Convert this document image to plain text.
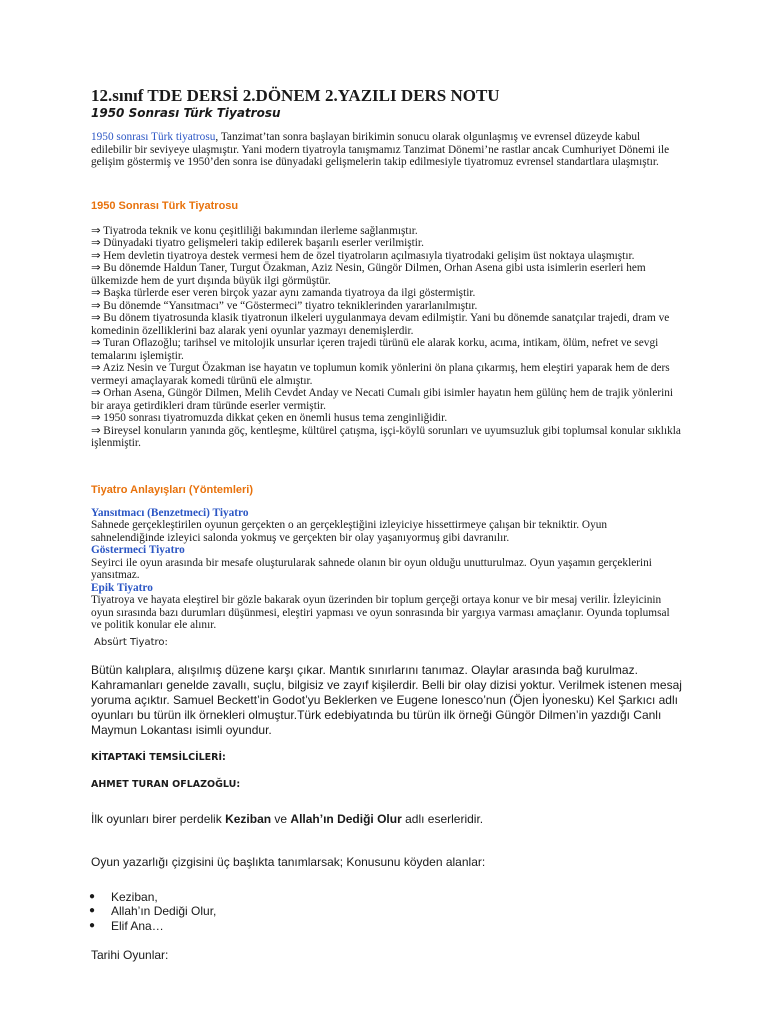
12.sınıf TDE DERSİ 2.DÖNEM 2.YAZILI DERS NOTU

1950 Sonrası Türk Tiyatrosu

1950 sonrası Türk tiyatrosu, Tanzimat’tan sonra başlayan birikimin sonucu olarak olgunlaşmış ve evrensel düzeyde kabul edilebilir bir seviyeye ulaşmıştır. Yani modern tiyatroyla tanışmamız Tanzimat Dönemi’ne rastlar ancak Cumhuriyet Dönemi ile gelişim göstermiş ve 1950’den sonra ise dünyadaki gelişmelerin takip edilmesiyle tiyatromuz evrensel standartlara ulaşmıştır.

1950 Sonrası Türk Tiyatrosu

⇒ Tiyatroda teknik ve konu çeşitliliği bakımından ilerleme sağlanmıştır.
⇒ Dünyadaki tiyatro gelişmeleri takip edilerek başarılı eserler verilmiştir.
⇒ Hem devletin tiyatroya destek vermesi hem de özel tiyatroların açılmasıyla tiyatrodaki gelişim üst noktaya ulaşmıştır.
⇒ Bu dönemde Haldun Taner, Turgut Özakman, Aziz Nesin, Güngör Dilmen, Orhan Asena gibi usta isimlerin eserleri hem ülkemizde hem de yurt dışında büyük ilgi görmüştür.
⇒ Başka türlerde eser veren birçok yazar aynı zamanda tiyatroya da ilgi göstermiştir.
⇒ Bu dönemde “Yansıtmacı” ve “Göstermeci” tiyatro tekniklerinden yararlanılmıştır.
⇒ Bu dönem tiyatrosunda klasik tiyatronun ilkeleri uygulanmaya devam edilmiştir. Yani bu dönemde sanatçılar trajedi, dram ve komedinin özelliklerini baz alarak yeni oyunlar yazmayı denemişlerdir.
⇒ Turan Oflazoğlu; tarihsel ve mitolojik unsurlar içeren trajedi türünü ele alarak korku, acıma, intikam, ölüm, nefret ve sevgi temalarını işlemiştir.
⇒ Aziz Nesin ve Turgut Özakman ise hayatın ve toplumun komik yönlerini ön plana çıkarmış, hem eleştiri yaparak hem de ders vermeyi amaçlayarak komedi türünü ele almıştır.
⇒ Orhan Asena, Güngör Dilmen, Melih Cevdet Anday ve Necati Cumalı gibi isimler hayatın hem gülünç hem de trajik yönlerini bir araya getirdikleri dram türünde eserler vermiştir.
⇒ 1950 sonrası tiyatromuzda dikkat çeken en önemli husus tema zenginliğidir.
⇒ Bireysel konuların yanında göç, kentleşme, kültürel çatışma, işçi-köylü sorunları ve uyumsuzluk gibi toplumsal konular sıklıkla işlenmiştir.

Tiyatro Anlayışları (Yöntemleri)

Yansıtmacı (Benzetmeci) Tiyatro

Sahnede gerçekleştirilen oyunun gerçekten o an gerçekleştiğini izleyiciye hissettirmeye çalışan bir tekniktir. Oyun sahnelendiğinde izleyici salonda yokmuş ve gerçekten bir olay yaşanıyormuş gibi davranılır.

Göstermeci Tiyatro

Seyirci ile oyun arasında bir mesafe oluşturularak sahnede olanın bir oyun olduğu unutturulmaz. Oyun yaşamın gerçeklerini yansıtmaz.

Epik Tiyatro

Tiyatroya ve hayata eleştirel bir gözle bakarak oyun üzerinden bir toplum gerçeği ortaya konur ve bir mesaj verilir. İzleyicinin oyun sırasında bazı durumları düşünmesi, eleştiri yapması ve oyun sonrasında bir yargıya varması amaçlanır. Oyunda toplumsal ve politik konular ele alınır.

Absürt Tiyatro:

Bütün kalıplara, alışılmış düzene karşı çıkar. Mantık sınırlarını tanımaz. Olaylar arasında bağ kurulmaz. Kahramanları genelde zavallı, suçlu, bilgisiz ve zayıf kişilerdir. Belli bir olay dizisi yoktur. Verilmek istenen mesaj yoruma açıktır. Samuel Beckett’in Godot’yu Beklerken ve Eugene Ionesco’nun (Öjen İyonesku) Kel Şarkıcı adlı oyunları bu türün ilk örnekleri olmuştur.Türk edebiyatında bu türün ilk örneği Güngör Dilmen’in yazdığı Canlı Maymun Lokantası isimli oyundur.

KİTAPTAKİ TEMSİLCİLERİ:

AHMET TURAN OFLAZOĞLU:

İlk oyunları birer perdelik Keziban ve Allah’ın Dediği Olur adlı eserleridir.

Oyun yazarlığı çizgisini üç başlıkta tanımlarsak; Konusunu köyden alanlar:

● Keziban,
● Allah’ın Dediği Olur,
● Elif Ana…

Tarihi Oyunlar:
